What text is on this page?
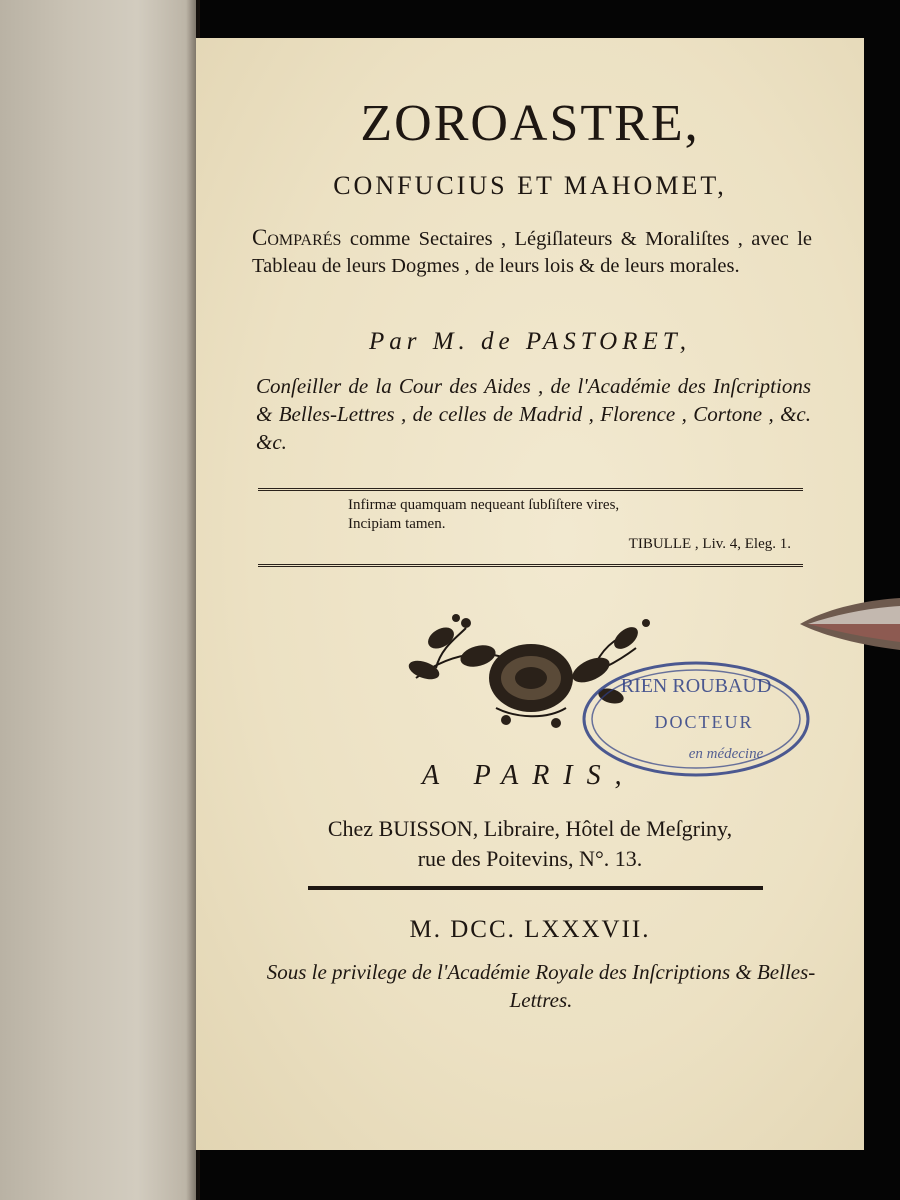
ZOROASTRE,
CONFUCIUS ET MAHOMET,

Comparés comme Sectaires , Légiſlateurs & Moraliſtes , avec le Tableau de leurs Dogmes , de leurs lois & de leurs morales.

Par M. de PASTORET,

Conſeiller de la Cour des Aides , de l'Académie des Inſcriptions & Belles-Lettres , de celles de Madrid , Florence , Cortone , &c. &c.

Infirmæ quamquam nequeant ſubſiſtere vires,
Incipiam tamen.
TIBULLE , Liv. 4, Eleg. 1.
RIEN ROUBAUD
DOCTEUR
en médecine
A PARIS,
Chez BUISSON, Libraire, Hôtel de Meſgriny,
rue des Poitevins, N°. 13.
M. DCC. LXXXVII.

Sous le privilege de l'Académie Royale des Inſcriptions & Belles-Lettres.
